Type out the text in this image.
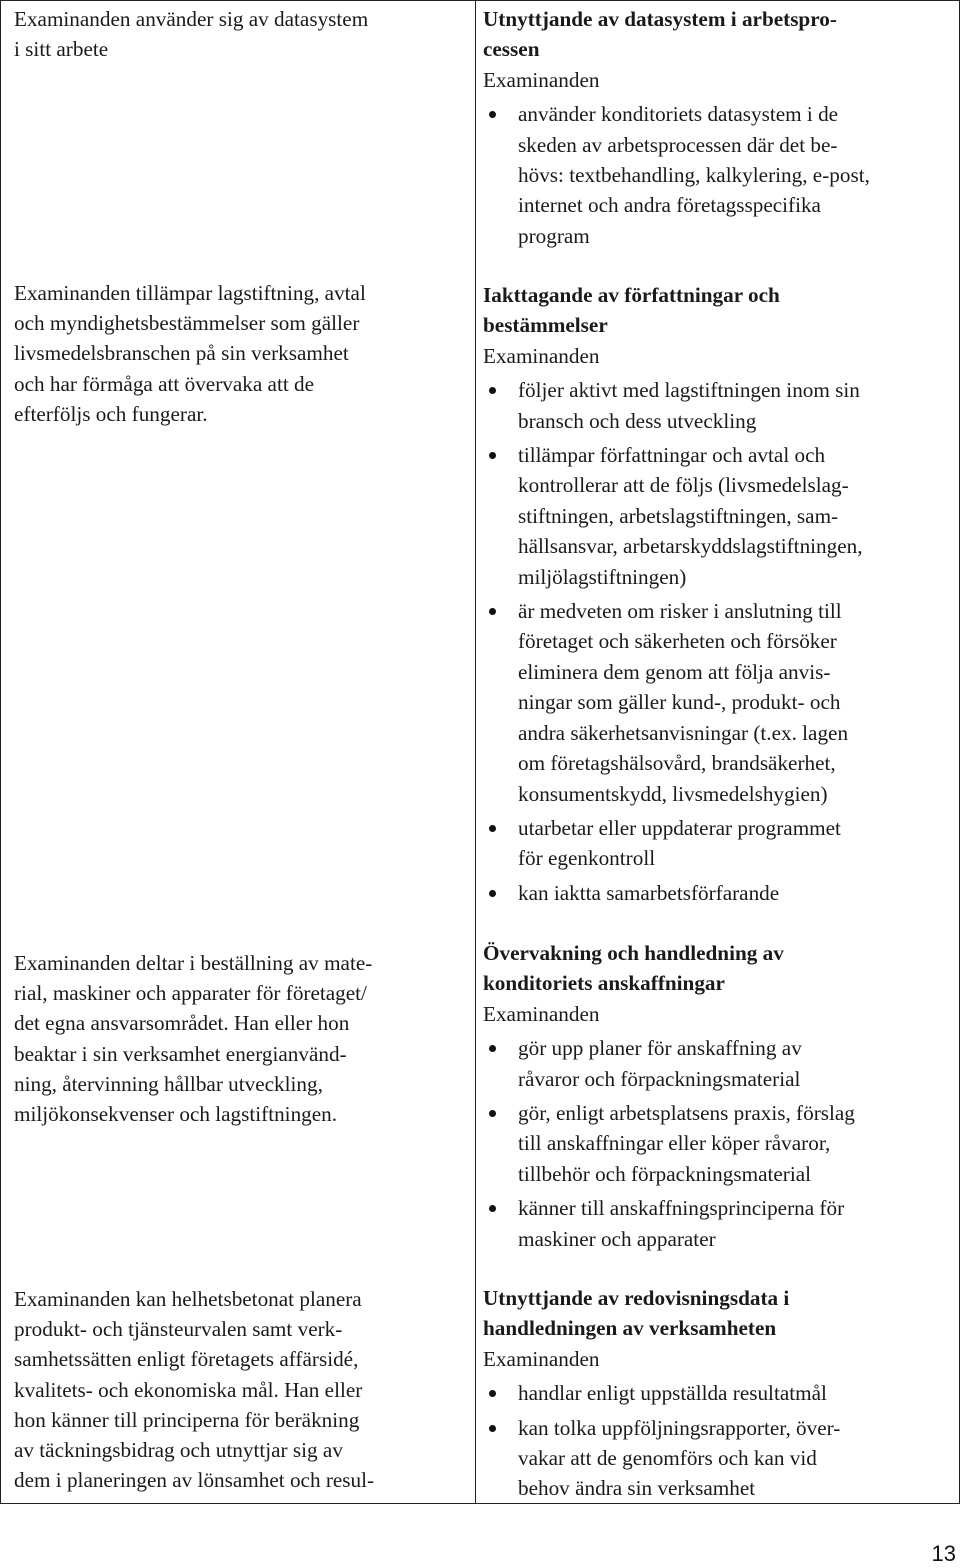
Examinanden använder sig av datasystem
i sitt arbete
Examinanden tillämpar lagstiftning, avtal
och myndighetsbestämmelser som gäller
livsmedelsbranschen på sin verksamhet
och har förmåga att övervaka att de
efterföljs och fungerar.
Examinanden deltar i beställning av mate-
rial, maskiner och apparater för företaget/
det egna ansvarsområdet. Han eller hon
beaktar i sin verksamhet energianvänd-
ning, återvinning hållbar utveckling,
miljökonsekvenser och lagstiftningen.
Examinanden kan helhetsbetonat planera
produkt- och tjänsteurvalen samt verk-
samhetssätten enligt företagets affärsidé,
kvalitets- och ekonomiska mål. Han eller
hon känner till principerna för beräkning
av täckningsbidrag och utnyttjar sig av
dem i planeringen av lönsamhet och resul-
Utnyttjande av datasystem i arbetspro-
cessen
Examinanden
använder konditoriets datasystem i de
skeden av arbetsprocessen där det be-
hövs: textbehandling, kalkylering, e-post,
internet och andra företagsspecifika
program
Iakttagande av författningar och
bestämmelser
Examinanden
följer aktivt med lagstiftningen inom sin
bransch och dess utveckling
tillämpar författningar och avtal och
kontrollerar att de följs (livsmedelslag-
stiftningen, arbetslagstiftningen, sam-
hällsansvar, arbetarskyddslagstiftningen,
miljölagstiftningen)
är medveten om risker i anslutning till
företaget och säkerheten och försöker
eliminera dem genom att följa anvis-
ningar som gäller kund-, produkt- och
andra säkerhetsanvisningar (t.ex. lagen
om företagshälsovård, brandsäkerhet,
konsumentskydd, livsmedelshygien)
utarbetar eller uppdaterar programmet
för egenkontroll
kan iaktta samarbetsförfarande
Övervakning och handledning av
konditoriets anskaffningar
Examinanden
gör upp planer för anskaffning av
råvaror och förpackningsmaterial
gör, enligt arbetsplatsens praxis, förslag
till anskaffningar eller köper råvaror,
tillbehör och förpackningsmaterial
känner till anskaffningsprinciperna för
maskiner och apparater
Utnyttjande av redovisningsdata i
handledningen av verksamheten
Examinanden
handlar enligt uppställda resultatmål
kan tolka uppföljningsrapporter, över-
vakar att de genomförs och kan vid
behov ändra sin verksamhet
13
